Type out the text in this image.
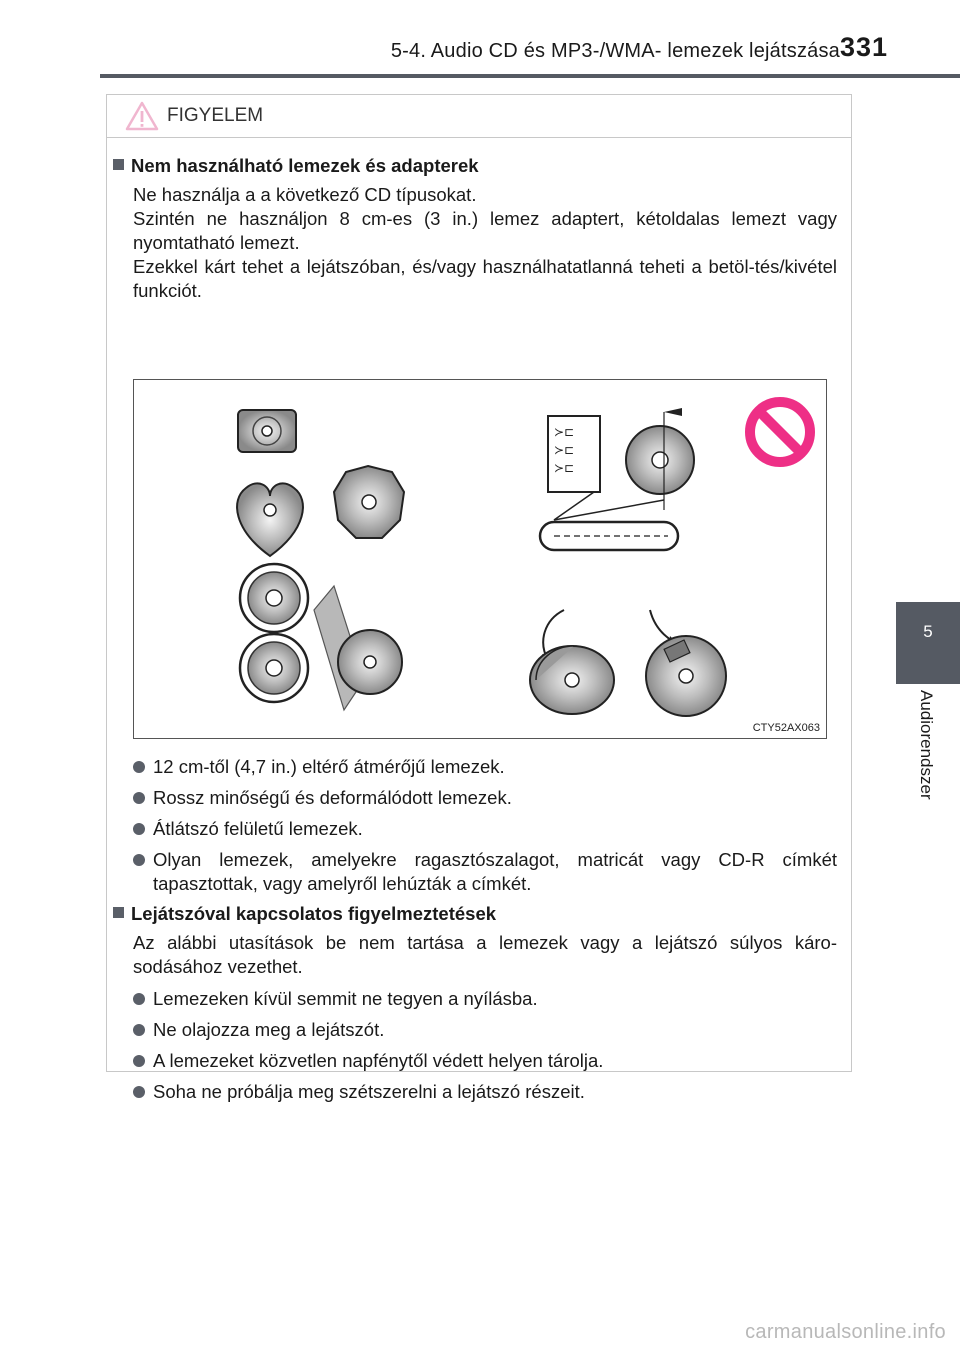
5-4. Audio CD és MP3-/WMA- lemezek lejátszása 331
5
Audiorendszer
FIGYELEM
Nem használható lemezek és adapterek
Ne használja a a következő CD típusokat.
Szintén ne használjon 8 cm-es (3 in.) lemez adaptert, kétoldalas lemezt vagy nyomtatható lemezt.
Ezekkel kárt tehet a lejátszóban, és/vagy használhatatlanná teheti a betöl-tés/kivétel funkciót.
≻⊏
≻⊏
≻⊏
CTY52AX063
12 cm-től (4,7 in.) eltérő átmérőjű lemezek.
Rossz minőségű és deformálódott lemezek.
Átlátszó felületű lemezek.
Olyan lemezek, amelyekre ragasztószalagot, matricát vagy CD-R címkét tapasztottak, vagy amelyről lehúzták a címkét.
Lejátszóval kapcsolatos figyelmeztetések
Az alábbi utasítások be nem tartása a lemezek vagy a lejátszó súlyos káro-sodásához vezethet.
Lemezeken kívül semmit ne tegyen a nyílásba.
Ne olajozza meg a lejátszót.
A lemezeket közvetlen napfénytől védett helyen tárolja.
Soha ne próbálja meg szétszerelni a lejátszó részeit.
carmanualsonline.info
